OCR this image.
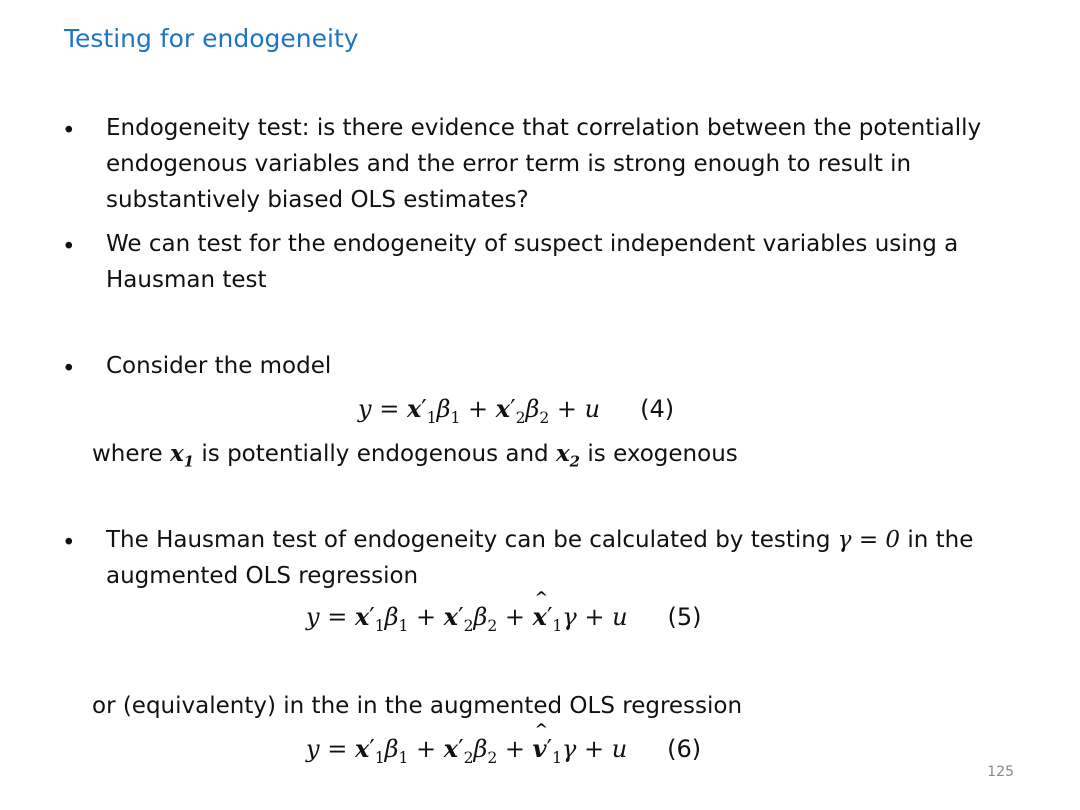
Testing for endogeneity
• Endogeneity test: is there evidence that correlation between the potentially endogenous variables and the error term is strong enough to result in substantively biased OLS estimates?
• We can test for the endogeneity of suspect independent variables using a Hausman test
• Consider the model
$y = x'_1\beta_1 + x'_2\beta_2 + u$ (4)
where $x_1$ is potentially endogenous and $x_2$ is exogenous
• The Hausman test of endogeneity can be calculated by testing γ = 0 in the augmented OLS regression
$y = x'_1\beta_1 + x'_2\beta_2$ + ^ $x'_1\gamma + u$ (5)
or (equivalenty) in the in the augmented OLS regression
$y = x'_1\beta_1 + x'_2\beta_2$ + ^ $v'_1\gamma + u$ (6)
125
